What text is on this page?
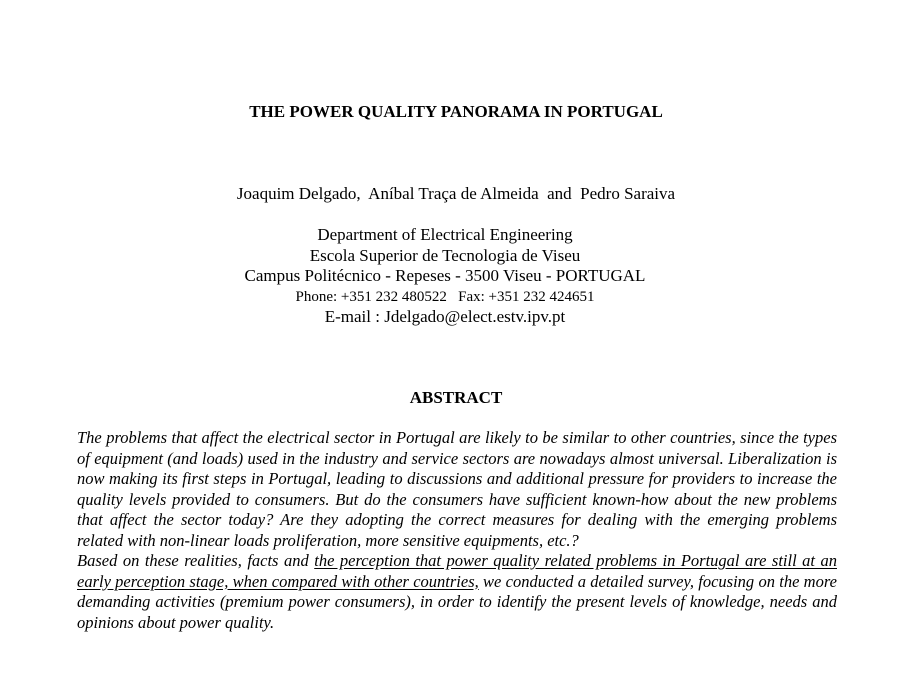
THE POWER QUALITY PANORAMA IN PORTUGAL
Joaquim Delgado,  Aníbal Traça de Almeida  and  Pedro Saraiva
Department of Electrical Engineering
Escola Superior de Tecnologia de Viseu
Campus Politécnico - Repeses - 3500 Viseu - PORTUGAL
Phone: +351 232 480522   Fax: +351 232 424651
E-mail : Jdelgado@elect.estv.ipv.pt
ABSTRACT

The problems that affect the electrical sector in Portugal are likely to be similar to other countries, since the types of equipment (and loads) used in the industry and service sectors are nowadays almost universal. Liberalization is now making its first steps in Portugal, leading to discussions and additional pressure for providers to increase the quality levels provided to consumers. But do the consumers have sufficient known-how about the new problems that affect the sector today? Are they adopting the correct measures for dealing with the emerging problems related with non-linear loads proliferation, more sensitive equipments, etc.?

Based on these realities, facts and the perception that power quality related problems in Portugal are still at an early perception stage, when compared with other countries, we conducted a detailed survey, focusing on the more demanding activities (premium power consumers), in order to identify the present levels of knowledge, needs and opinions about power quality.
